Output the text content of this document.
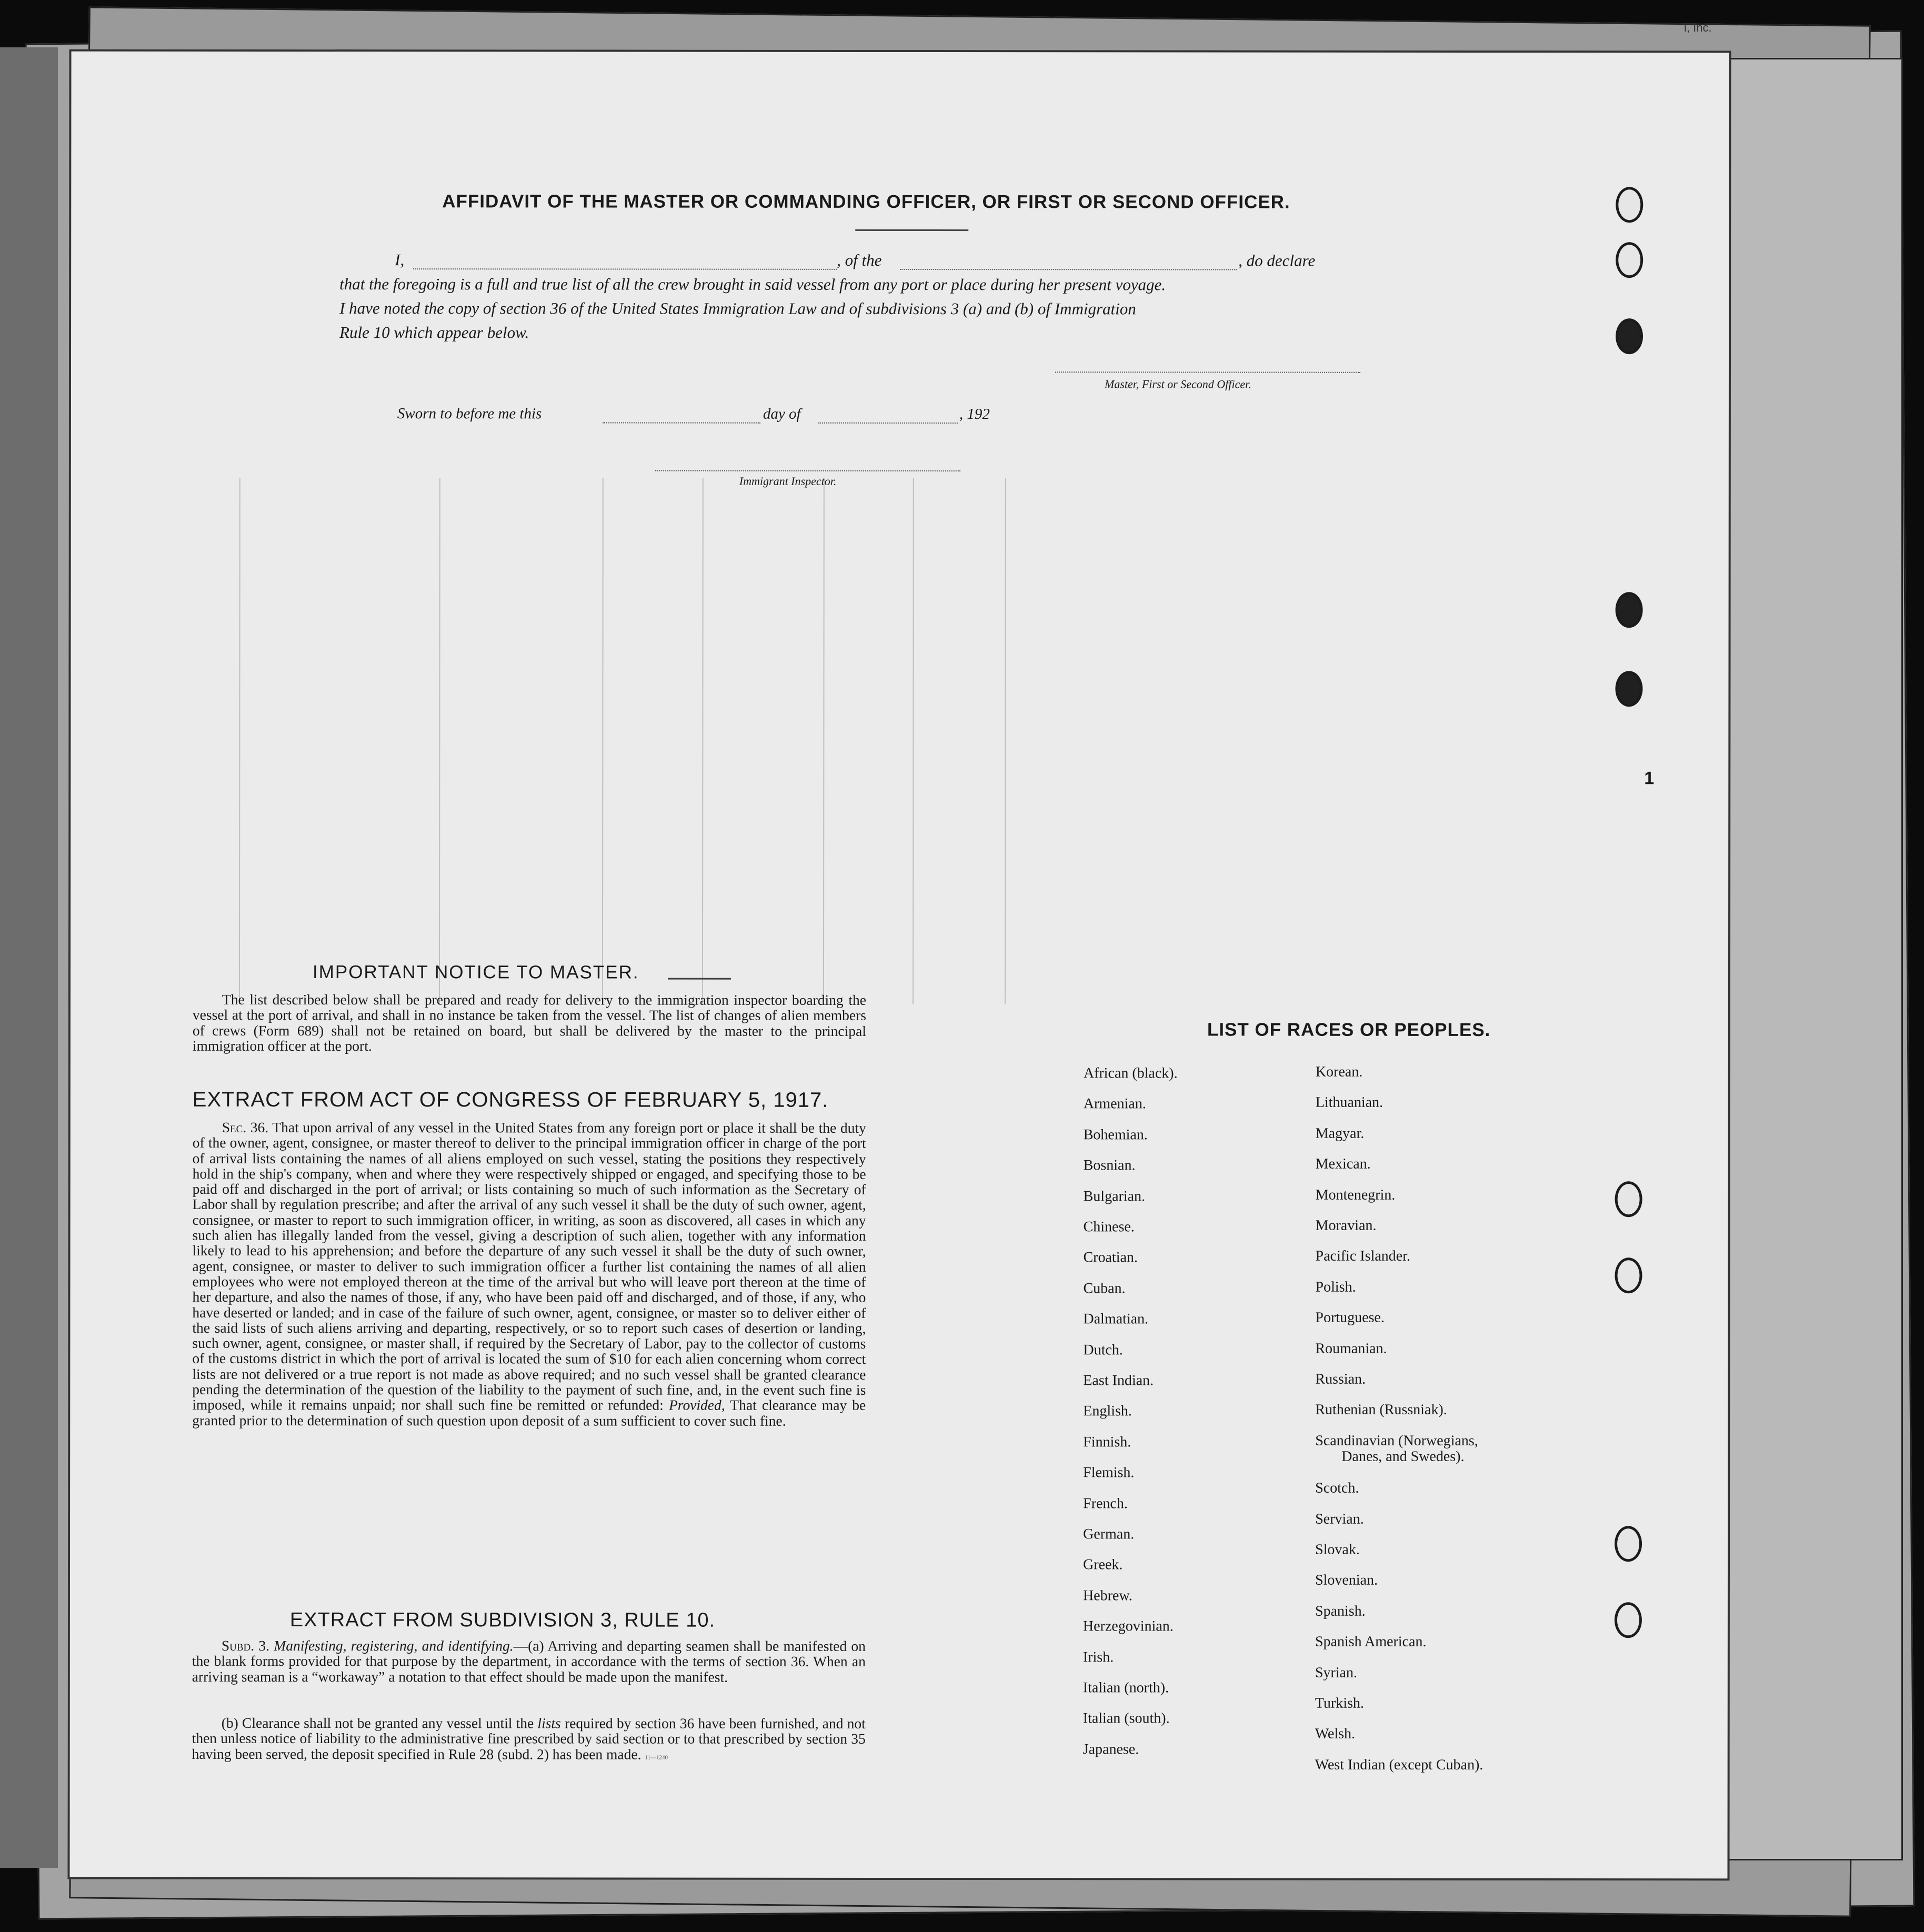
l, Inc.
1
AFFIDAVIT OF THE MASTER OR COMMANDING OFFICER, OR FIRST OR SECOND OFFICER.
I,	, of the	, do declare
that the foregoing is a full and true list of all the crew brought in said vessel from any port or place during her present voyage.
I have noted the copy of section 36 of the United States Immigration Law and of subdivisions 3 (a) and (b) of Immigration
Rule 10 which appear below.
Master, First or Second Officer.
Sworn to before me this	day of	, 192
Immigrant Inspector.
IMPORTANT NOTICE TO MASTER.

The list described below shall be prepared and ready for delivery to the immigration inspector boarding the vessel at the port of arrival, and shall in no instance be taken from the vessel. The list of changes of alien members of crews (Form 689) shall not be retained on board, but shall be delivered by the master to the principal immigration officer at the port.

EXTRACT FROM ACT OF CONGRESS OF FEBRUARY 5, 1917.

Sec. 36. That upon arrival of any vessel in the United States from any foreign port or place it shall be the duty of the owner, agent, consignee, or master thereof to deliver to the principal immigration officer in charge of the port of arrival lists containing the names of all aliens employed on such vessel, stating the positions they respectively hold in the ship's company, when and where they were respectively shipped or engaged, and specifying those to be paid off and discharged in the port of arrival; or lists containing so much of such information as the Secretary of Labor shall by regulation prescribe; and after the arrival of any such vessel it shall be the duty of such owner, agent, consignee, or master to report to such immigration officer, in writing, as soon as discovered, all cases in which any such alien has illegally landed from the vessel, giving a description of such alien, together with any information likely to lead to his apprehension; and before the departure of any such vessel it shall be the duty of such owner, agent, consignee, or master to deliver to such immigration officer a further list containing the names of all alien employees who were not employed thereon at the time of the arrival but who will leave port thereon at the time of her departure, and also the names of those, if any, who have been paid off and discharged, and of those, if any, who have deserted or landed; and in case of the failure of such owner, agent, consignee, or master so to deliver either of the said lists of such aliens arriving and departing, respectively, or so to report such cases of desertion or landing, such owner, agent, consignee, or master shall, if required by the Secretary of Labor, pay to the collector of customs of the customs district in which the port of arrival is located the sum of $10 for each alien concerning whom correct lists are not delivered or a true report is not made as above required; and no such vessel shall be granted clearance pending the determination of the question of the liability to the payment of such fine, and, in the event such fine is imposed, while it remains unpaid; nor shall such fine be remitted or refunded: Provided, That clearance may be granted prior to the determination of such question upon deposit of a sum sufficient to cover such fine.

EXTRACT FROM SUBDIVISION 3, RULE 10.

Subd. 3. Manifesting, registering, and identifying.—(a) Arriving and departing seamen shall be manifested on the blank forms provided for that purpose by the department, in accordance with the terms of section 36. When an arriving seaman is a “workaway” a notation to that effect should be made upon the manifest.

(b) Clearance shall not be granted any vessel until the lists required by section 36 have been furnished, and not then unless notice of liability to the administrative fine prescribed by said section or to that prescribed by section 35 having been served, the deposit specified in Rule 28 (subd. 2) has been made. 11—1240

LIST OF RACES OR PEOPLES.
African (black).
Armenian.
Bohemian.
Bosnian.
Bulgarian.
Chinese.
Croatian.
Cuban.
Dalmatian.
Dutch.
East Indian.
English.
Finnish.
Flemish.
French.
German.
Greek.
Hebrew.
Herzegovinian.
Irish.
Italian (north).
Italian (south).
Japanese.
Korean.
Lithuanian.
Magyar.
Mexican.
Montenegrin.
Moravian.
Pacific Islander.
Polish.
Portuguese.
Roumanian.
Russian.
Ruthenian (Russniak).
Scandinavian (Norwegians,
Danes, and Swedes).
Scotch.
Servian.
Slovak.
Slovenian.
Spanish.
Spanish American.
Syrian.
Turkish.
Welsh.
West Indian (except Cuban).
